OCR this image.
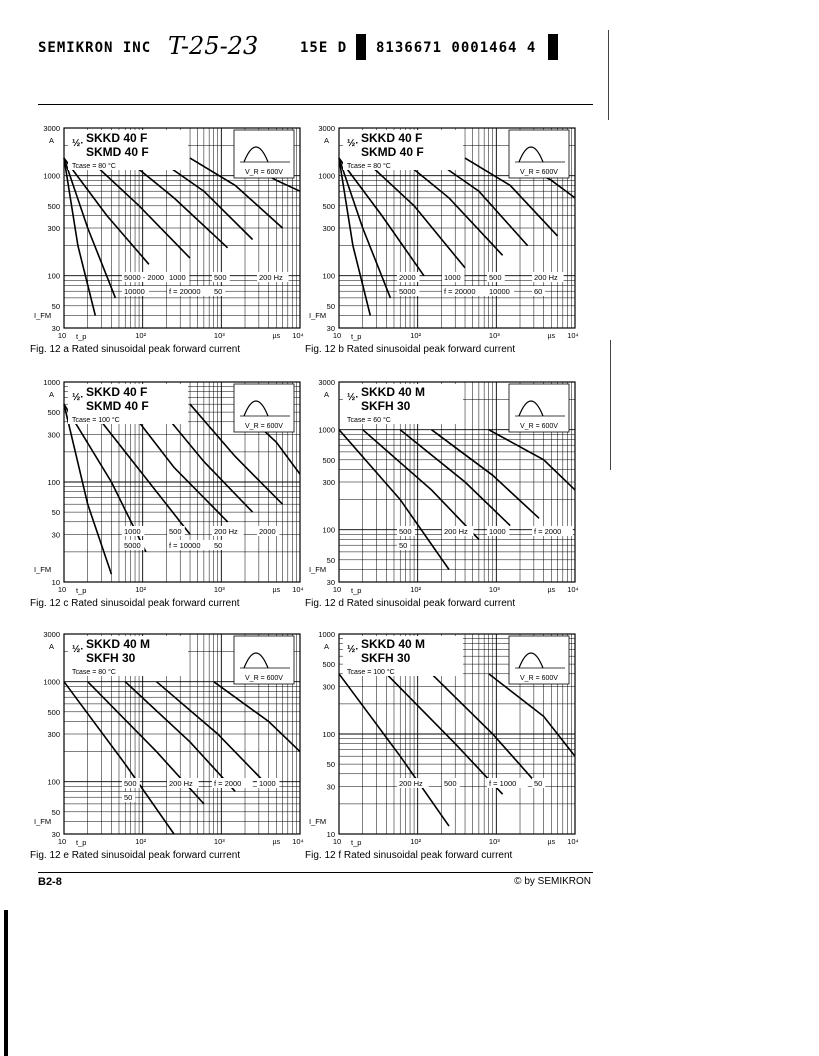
SEMIKRON INC T-25-23	15E D 8136671 0001464 4
3000
1000
500
300
100
50
30
A
I_FM
10	10²	10³	10⁴
t_p	µs
½· SKKD 40 F
SKMD 40 F
Tcase = 80 °C
V_R = 600V
5000 - 2000 1000	500	200 Hz
10000	f = 20000 50
Fig. 12 a Rated sinusoidal peak forward current
3000
1000
500
300
100
50
30
A
I_FM
10	10²	10³	10⁴
t_p	µs
½· SKKD 40 F
SKMD 40 F
Tcase = 80 °C
V_R = 600V
2000	1000	500	200 Hz
5000	f = 20000 10000	60
Fig. 12 b Rated sinusoidal peak forward current
1000
500
300
100
50
30
10
A
I_FM
10	10²	10³	10⁴
t_p	µs
½· SKKD 40 F
SKMD 40 F
Tcase = 100 °C
V_R = 600V
1000	500	200 Hz	2000
5000	f = 10000 50
Fig. 12 c Rated sinusoidal peak forward current
3000
1000
500
300
100
50
30
A
I_FM
10	10²	10³	10⁴
t_p	µs
½· SKKD 40 M
SKFH 30
Tcase = 60 °C
V_R = 600V
500	200 Hz	1000	f = 2000
50
Fig. 12 d Rated sinusoidal peak forward current
3000
1000
500
300
100
50
30
A
I_FM
10	10²	10³	10⁴
t_p	µs
½· SKKD 40 M
SKFH 30
Tcase = 80 °C
V_R = 600V
500	200 Hz	f = 2000 1000
50
Fig. 12 e Rated sinusoidal peak forward current
1000
500
300
100
50
30
10
A
I_FM
10	10²	10³	10⁴
t_p	µs
½· SKKD 40 M
SKFH 30
Tcase = 100 °C
V_R = 600V
200 Hz	500	f = 1000 50
Fig. 12 f Rated sinusoidal peak forward current
B2-8	© by SEMIKRON
